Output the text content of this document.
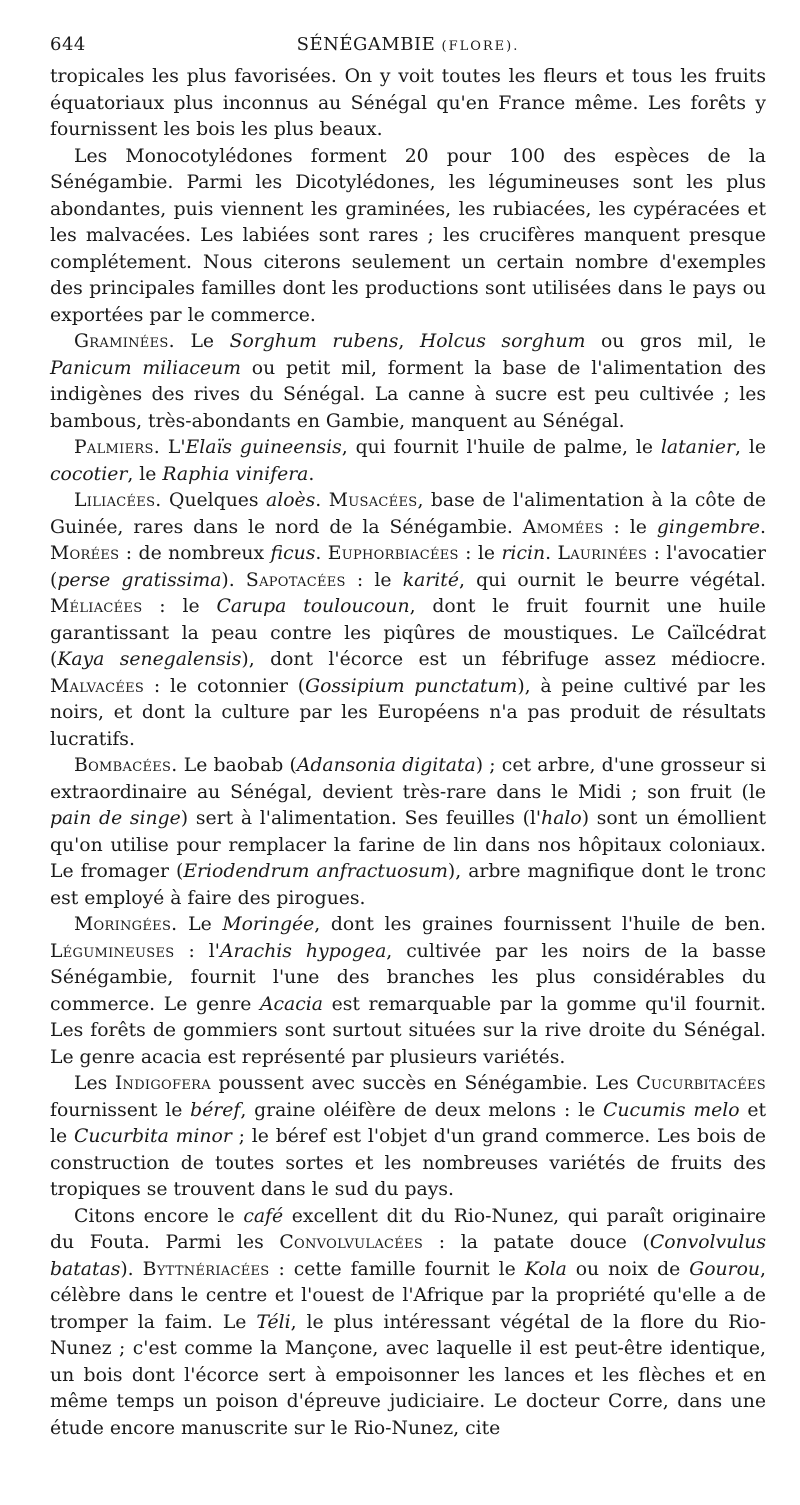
644	SÉNÉGAMBIE (FLORE).

tropicales les plus favorisées. On y voit toutes les fleurs et tous les fruits équatoriaux plus inconnus au Sénégal qu'en France même. Les forêts y fournissent les bois les plus beaux.

Les Monocotylédones forment 20 pour 100 des espèces de la Sénégambie. Parmi les Dicotylédones, les légumineuses sont les plus abondantes, puis viennent les graminées, les rubiacées, les cypéracées et les malvacées. Les labiées sont rares ; les crucifères manquent presque complétement. Nous citerons seulement un certain nombre d'exemples des principales familles dont les productions sont utilisées dans le pays ou exportées par le commerce.

Graminées. Le Sorghum rubens, Holcus sorghum ou gros mil, le Panicum miliaceum ou petit mil, forment la base de l'alimentation des indigènes des rives du Sénégal. La canne à sucre est peu cultivée ; les bambous, très-abondants en Gambie, manquent au Sénégal.

Palmiers. L'Elaïs guineensis, qui fournit l'huile de palme, le latanier, le cocotier, le Raphia vinifera.

Liliacées. Quelques aloès. Musacées, base de l'alimentation à la côte de Guinée, rares dans le nord de la Sénégambie. Amomées : le gingembre. Morées : de nombreux ficus. Euphorbiacées : le ricin. Laurinées : l'avocatier (perse gratissima). Sapotacées : le karité, qui ournit le beurre végétal. Méliacées : le Carupa touloucoun, dont le fruit fournit une huile garantissant la peau contre les piqûres de moustiques. Le Caïlcédrat (Kaya senegalensis), dont l'écorce est un fébrifuge assez médiocre. Malvacées : le cotonnier (Gossipium punctatum), à peine cultivé par les noirs, et dont la culture par les Européens n'a pas produit de résultats lucratifs.

Bombacées. Le baobab (Adansonia digitata) ; cet arbre, d'une grosseur si extraordinaire au Sénégal, devient très-rare dans le Midi ; son fruit (le pain de singe) sert à l'alimentation. Ses feuilles (l'halo) sont un émollient qu'on utilise pour remplacer la farine de lin dans nos hôpitaux coloniaux. Le fromager (Eriodendrum anfractuosum), arbre magnifique dont le tronc est employé à faire des pirogues.

Moringées. Le Moringée, dont les graines fournissent l'huile de ben. Légumineuses : l'Arachis hypogea, cultivée par les noirs de la basse Sénégambie, fournit l'une des branches les plus considérables du commerce. Le genre Acacia est remarquable par la gomme qu'il fournit. Les forêts de gommiers sont surtout situées sur la rive droite du Sénégal. Le genre acacia est représenté par plusieurs variétés.

Les Indigofera poussent avec succès en Sénégambie. Les Cucurbitacées fournissent le béref, graine oléifère de deux melons : le Cucumis melo et le Cucurbita minor ; le béref est l'objet d'un grand commerce. Les bois de construction de toutes sortes et les nombreuses variétés de fruits des tropiques se trouvent dans le sud du pays.

Citons encore le café excellent dit du Rio-Nunez, qui paraît originaire du Fouta. Parmi les Convolvulacées : la patate douce (Convolvulus batatas). Byttnériacées : cette famille fournit le Kola ou noix de Gourou, célèbre dans le centre et l'ouest de l'Afrique par la propriété qu'elle a de tromper la faim. Le Téli, le plus intéressant végétal de la flore du Rio-Nunez ; c'est comme la Mançone, avec laquelle il est peut-être identique, un bois dont l'écorce sert à empoisonner les lances et les flèches et en même temps un poison d'épreuve judiciaire. Le docteur Corre, dans une étude encore manuscrite sur le Rio-Nunez, cite
